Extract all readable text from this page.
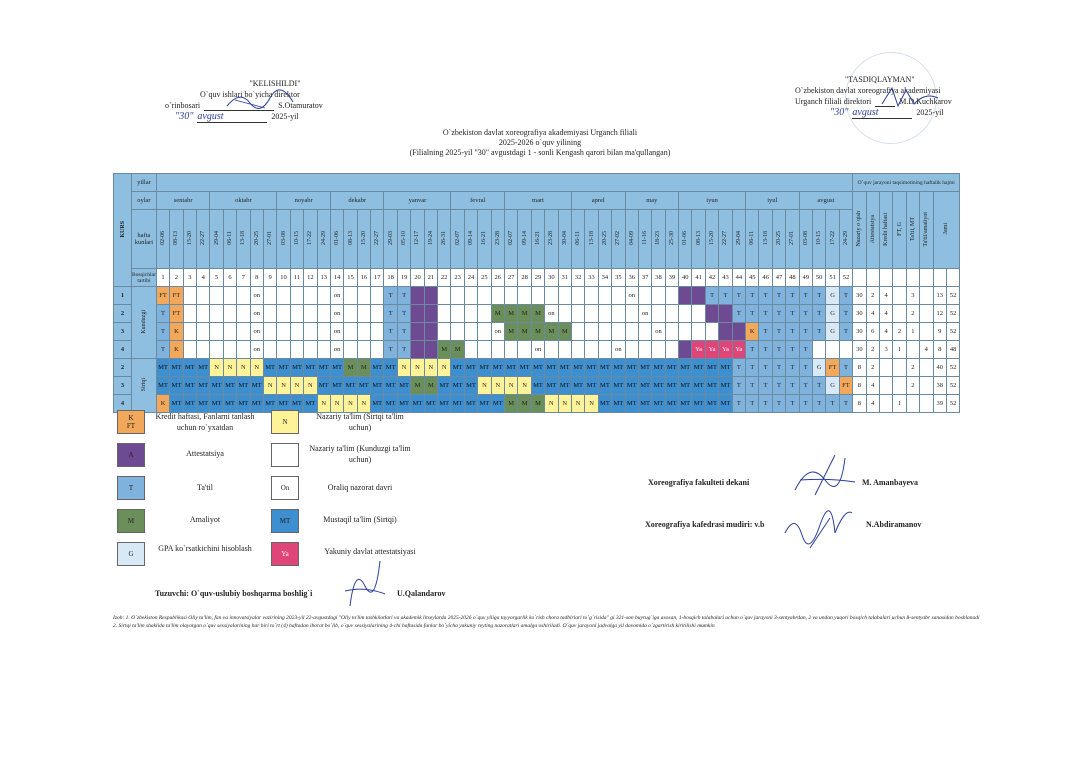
"KELISHILDI"
O`quv ishlari bo`yicha direktor
o`rinbosari	S.Otamuratov
"30" avgust	2025-yil
"TASDIQLAYMAN"
O`zbekiston davlat xoreografiya akademiyasi
Urganch filiali direktori	M.D.Kuchkarov
"30" avgust	2025-yil
O`zbekiston davlat xoreografiya akademiyasi Urganch filiali
2025-2026 o`quv yilining
(Filialning 2025-yil "30" avgustdagi 1 - sonli Kengash qarori bilan ma'qullangan)
KURS	yillar																																																					O`quv jarayoni taqsimotining haftalik hajmi							
	oylar	sentabr				oktabr					noyabr				dekabr				yanvar					fevral				mart					aprel				may				iyun					iyul				avgust				Nazariy o`qish	Attestatsiya	Kredit haftasi	FT, G	Ta'til, MT	Ta'til/amaliyot	Jami	
	hafta kunlari	02-06	08-13	15-20	22-27	29-04	06-11	13-18	20-25	27-01	03-08	10-15	17-22	24-29	01-06	08-13	15-20	22-27	29-03	05-10	12-17	19-24	26-31	02-07	09-14	16-21	23-28	02-07	09-14	16-21	23-28	30-04	06-11	13-18	20-25	27-02	04-09	11-16	18-23	25-30	01-06	08-13	15-20	22-27	29-04	06-11	13-18	20-25	27-01	03-08	10-15	17-22	24-29								
	Bosqichlar tartibi	1	2	3	4	5	6	7	8	9	10	11	12	13	14	15	16	17	18	19	20	21	22	23	24	25	26	27	28	29	30	31	32	33	34	35	36	37	38	39	40	41	42	43	44	45	46	47	48	49	50	51	52								
1	Kunduzgi	FT	FT						on						on				T	T	A	A															on				A	A	T	T	T	T	T	T	T	T	T	G	T	30	2	4		3		13	52
2		T	FT						on						on				T	T	A	A					M	M	M	M	on							on					A	A	T	T	T	T	T	T	T	G	T	30	4	4		2		12	52
3		T	K						on						on				T	T	A	A					on	M	M	M	M	M							on					A	A	K	T	T	T	T	T	G	T	30	6	4	2	1		9	52
4		T	K						on						on				T	T	A	A	M	M						on						on					A	Ya	Ya	Ya	Ya	T	T	T	T	T				30	2	3	1		4	8	48
2	Sirtqi	MT	MT	MT	MT	N	N	N	N	MT	MT	MT	MT	MT	MT	M	M	MT	MT	N	N	N	N	MT	MT	MT	MT	MT	MT	MT	MT	MT	MT	MT	MT	MT	MT	MT	MT	MT	MT	MT	MT	MT	T	T	T	T	T	T	G	FT	T	8	2			2		40	52
3		MT	MT	MT	MT	MT	MT	MT	MT	N	N	N	N	MT	MT	MT	MT	MT	MT	MT	M	M	MT	MT	MT	N	N	N	N	MT	MT	MT	MT	MT	MT	MT	MT	MT	MT	MT	MT	MT	MT	MT	T	T	T	T	T	T	T	G	FT	8	4			2		38	52
4		K	MT	MT	MT	MT	MT	MT	MT	MT	MT	MT	MT	N	N	N	N	MT	MT	MT	MT	MT	MT	MT	MT	MT	MT	M	M	M	N	N	N	N	MT	MT	MT	MT	MT	MT	MT	MT	MT	MT	T	T	T	T	T	T	T	T	T	8	4		1			39	52
K
FT
Kredit haftasi, Fanlarni tanlash uchun ro`yxatdan
A	Attestatsiya
T	Ta'til
M	Amaliyot
G
GPA ko`rsatkichini hisoblash
N
Nazariy ta'lim (Sirtqi ta'lim uchun)
Nazariy ta'lim (Kunduzgi ta'lim uchun)
On	Oraliq nazorat davri
MT	Mustaqil ta'lim (Sirtqi)
Ya	Yakuniy davlat attestatsiyasi
Xoreografiya fakulteti dekani	M. Amanbayeva
Xoreografiya kafedrasi mudiri: v.b	N.Abdiramanov
Tuzuvchi: O`quv-uslubiy boshqarma boshlig`i	U.Qalandarov
Izoh: 1. O`zbekiston Respublikasi Oliy ta'lim, fan va innovatsiyalar vazirining 2023-yil 22-avgustdagi "Oliy ta'lim tashkilotlari va akademik litseylarda 2025-2026 o`quv yiliga tayyorgarlik ko`rish chora tadbirlari to`g`risida" gi 321-son buyrug`iga asosan, 1-bosqich talabalari uchun o`quv jarayoni 3-sentyabrdan, 2 va undan yuqori bosqich talabalari uchun 8-sentyabr sanasidan boshlanadi
2. Sirtqi ta'lim shaklida ta'lim olayotgan o`quv sessiyalarining har biri to`rt (4) haftadan iborat bo`lib, o`quv sessiyalarining 4-chi haftasida fanlar bo`yicha yakuniy reyting nazoratlari amalga oshiriladi. O`quv jarayoni jadvalga yil davomida o`zgartirish kiritilishi mumkin
